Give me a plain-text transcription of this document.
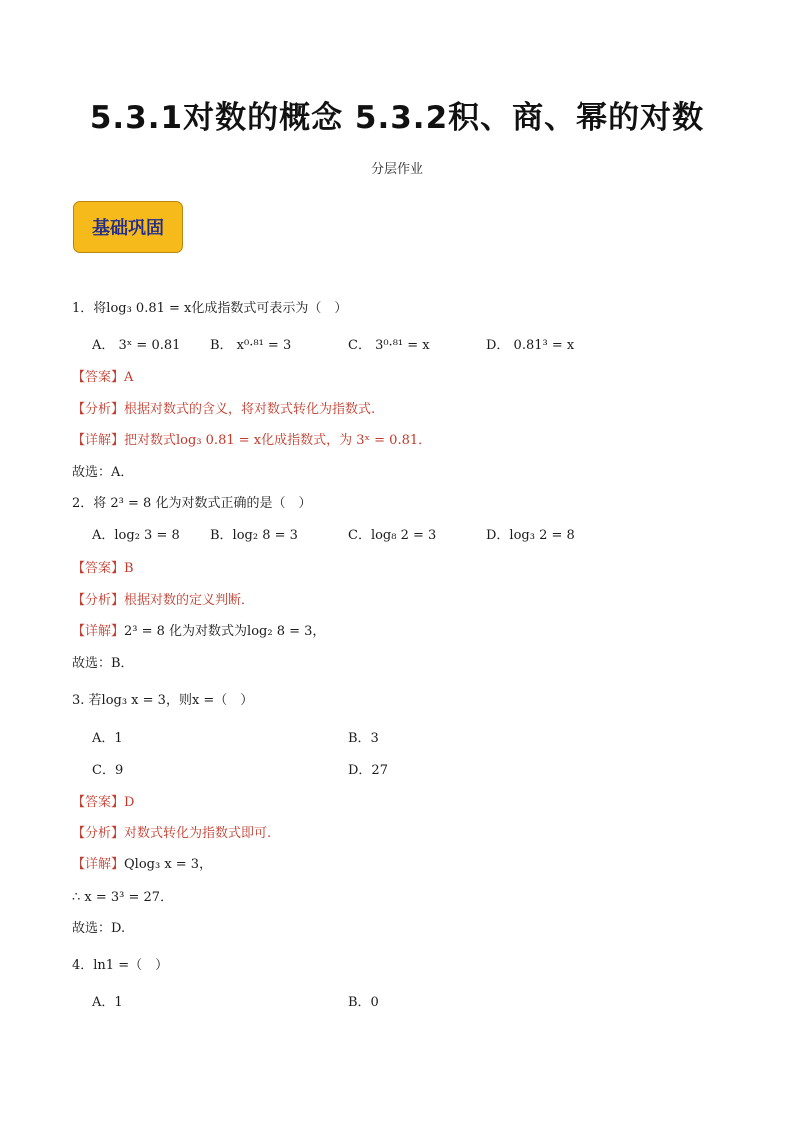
5.3.1对数的概念 5.3.2积、商、幂的对数
分层作业
基础巩固
1．将log₃ 0.81 = x化成指数式可表示为（　）
A． 3ˣ = 0.81 B． x⁰·⁸¹ = 3	C． 3⁰·⁸¹ = x	D． 0.81³ = x
【答案】A
【分析】根据对数式的含义，将对数式转化为指数式.
【详解】把对数式log₃ 0.81 = x化成指数式，为 3ˣ = 0.81．
故选：A．
2．将 2³ = 8 化为对数式正确的是（　）
A．log₂ 3 = 8 B．log₂ 8 = 3	C．log₈ 2 = 3	D．log₃ 2 = 8
【答案】B
【分析】根据对数的定义判断．
【详解】2³ = 8 化为对数式为log₂ 8 = 3，
故选：B．
3. 若log₃ x = 3，则x =（　）
A．1	B．3
C．9	D．27
【答案】D
【分析】对数式转化为指数式即可.
【详解】Qlog₃ x = 3，
∴ x = 3³ = 27．
故选：D.
4．ln1 =（　）
A．1	B．0
